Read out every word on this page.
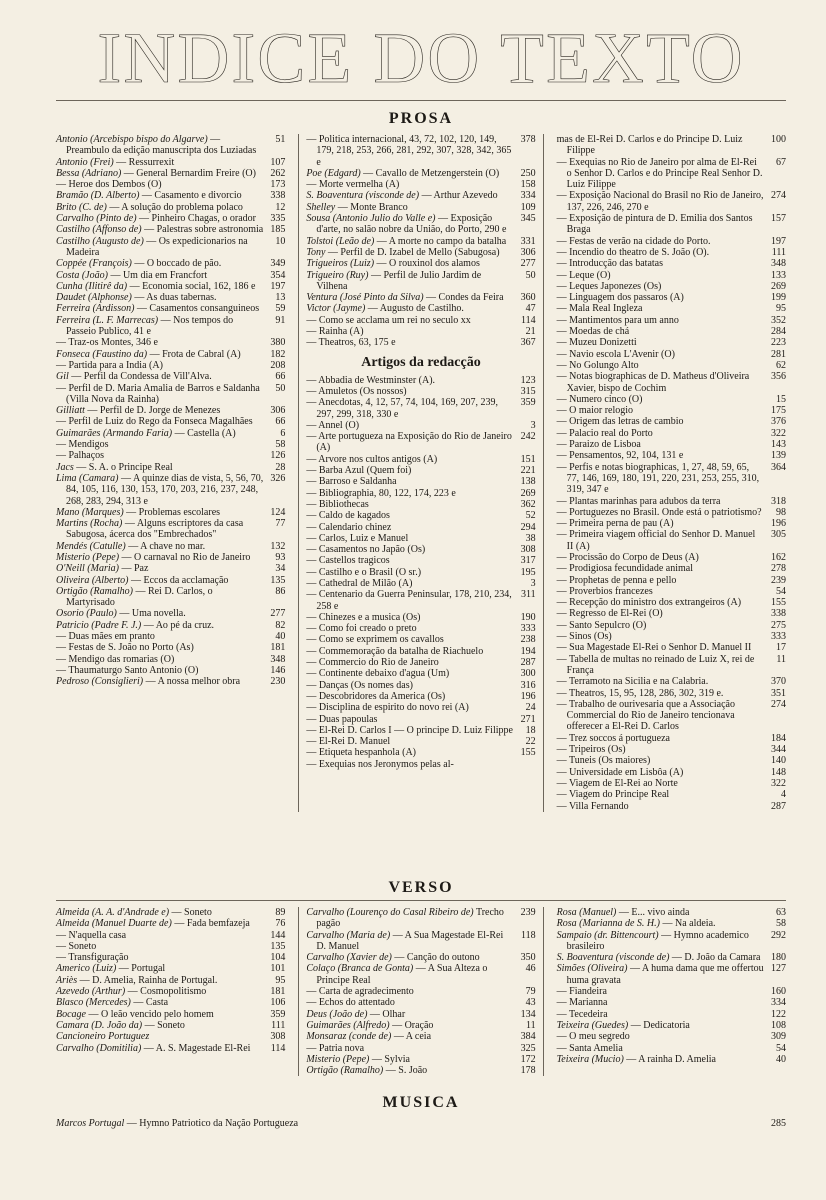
INDICE DO TEXTO
PROSA
Antonio (Arcebispo bispo do Algarve) — Preambulo da edição manuscripta dos Luziadas
51
Antonio (Frei) — Ressurrexit	107
Bessa (Adriano) — General Bernardim Freire (O)	262
— Heroe dos Dembos (O)	173
Bramão (D. Alberto) — Casamento e divorcio	338
Brito (C. de) — A solução do problema polaco	12
Carvalho (Pinto de) — Pinheiro Chagas, o orador	335
Castilho (Affonso de) — Palestras sobre astronomia 185
Castilho (Augusto de) — Os expedicionarios na Madeira
10
Coppée (François) — O boccado de pão.	349
Costa (João) — Um dia em Francfort	354
Cunha (Ilitirê da) — Economia social, 162, 186 e	197
Daudet (Alphonse) — As duas tabernas.	13
Ferreira (Ardisson) — Casamentos consanguineos	59
Ferreira (L. F. Marrecas) — Nos tempos do Passeio Publico, 41 e
91
— Traz-os Montes, 346 e	380
Fonseca (Faustino da) — Frota de Cabral (A)	182
— Partida para a India (A)	208
Gil — Perfil da Condessa de Vill'Alva.	66
— Perfil de D. Maria Amalia de Barros e Saldanha (Villa Nova da Rainha)
50
Gilliatt — Perfil de D. Jorge de Menezes	306
— Perfil de Luiz do Rego da Fonseca Magalhães	66
Guimarães (Armando Faria) — Castella (A)	6
— Mendigos	58
— Palhaços	126
Jacs — S. A. o Principe Real	28
Lima (Camara) — A quinze dias de vista, 5, 56, 70, 84, 105, 116, 130, 153, 170, 203, 216, 237, 248, 268, 283, 294, 313 e
326
Mano (Marques) — Problemas escolares	124
Martins (Rocha) — Alguns escriptores da casa Sabugosa, ácerca dos "Embrechados"
77
Mendés (Catulle) — A chave no mar.	132
Misterio (Pepe) — O carnaval no Rio de Janeiro	93
O'Neill (Maria) — Paz	34
Oliveira (Alberto) — Eccos da acclamação	135
Ortigão (Ramalho) — Rei D. Carlos, o Martyrisado
86
Osorio (Paulo) — Uma novella.	277
Patricio (Padre F. J.) — Ao pé da cruz.	82
— Duas mães em pranto	40
— Festas de S. João no Porto (As)	181
— Mendigo das romarias (O)	348
— Thaumaturgo Santo Antonio (O)	146
Pedroso (Consiglieri) — A nossa melhor obra	230
— Politica internacional, 43, 72, 102, 120, 149, 179, 218, 253, 266, 281, 292, 307, 328, 342, 365 e
378
Poe (Edgard) — Cavallo de Metzengerstein (O)	250
— Morte vermelha (A)	158
S. Boaventura (visconde de) — Arthur Azevedo	334
Shelley — Monte Branco	109
Sousa (Antonio Julio do Valle e) — Exposição d'arte, no salão nobre da União, do Porto, 290 e
345
Tolstoi (Leão de) — A morte no campo da batalha	331
Tony — Perfil de D. Izabel de Mello (Sabugosa)	306
Trigueiros (Luiz) — O rouxinol dos alamos	277
Trigueiro (Ruy) — Perfil de Julio Jardim de Vilhena
50
Ventura (José Pinto da Silva) — Condes da Feira	360
Victor (Jayme) — Augusto de Castilho.	47
— Como se acclama um rei no seculo xx	114
— Rainha (A)	21
— Theatros, 63, 175 e	367
Artigos da redacção
— Abbadia de Westminster (A).	123
— Amuletos (Os nossos)	315
— Anecdotas, 4, 12, 57, 74, 104, 169, 207, 239, 297, 299, 318, 330 e
359
— Annel (O)	3
— Arte portugueza na Exposição do Rio de Janeiro (A)
242
— Arvore nos cultos antigos (A)	151
— Barba Azul (Quem foi)	221
— Barroso e Saldanha	138
— Bibliographia, 80, 122, 174, 223 e	269
— Bibliothecas	362
— Caldo de kagados	52
— Calendario chinez	294
— Carlos, Luiz e Manuel	38
— Casamentos no Japão (Os)	308
— Castellos tragicos	317
— Castilho e o Brasil (O sr.)	195
— Cathedral de Milão (A)	3
— Centenario da Guerra Peninsular, 178, 210, 234, 258 e
311
— Chinezes e a musica (Os)	190
— Como foi creado o preto	333
— Como se exprimem os cavallos	238
— Commemoração da batalha de Riachuelo	194
— Commercio do Rio de Janeiro	287
— Continente debaixo d'agua (Um)	300
— Danças (Os nomes das)	316
— Descobridores da America (Os)	196
— Disciplina de espirito do novo rei (A)	24
— Duas papoulas	271
— El-Rei D. Carlos I — O principe D. Luiz Filippe	18
— El-Rei D. Manuel	22
— Etiqueta hespanhola (A)	155
— Exequias nos Jeronymos pelas al-
mas de El-Rei D. Carlos e do Principe D. Luiz Filippe
100
— Exequias no Rio de Janeiro por alma de El-Rei o Senhor D. Carlos e do Principe Real Senhor D. Luiz Filippe
67
— Exposição Nacional do Brasil no Rio de Janeiro, 137, 226, 246, 270 e
274
— Exposição de pintura de D. Emilia dos Santos Braga
157
— Festas de verão na cidade do Porto.	197
— Incendio do theatro de S. João (O).	111
— Introducção das batatas	348
— Leque (O)	133
— Leques Japonezes (Os)	269
— Linguagem dos passaros (A)	199
— Mala Real Ingleza	95
— Mantimentos para um anno	352
— Moedas de chá	284
— Muzeu Donizetti	223
— Navio escola L'Avenir (O)	281
— No Golungo Alto	62
— Notas biographicas de D. Matheus d'Oliveira Xavier, bispo de Cochim
356
— Numero cinco (O)	15
— O maior relogio	175
— Origem das letras de cambio	376
— Palacio real do Porto	322
— Paraizo de Lisboa	143
— Pensamentos, 92, 104, 131 e	139
— Perfis e notas biographicas, 1, 27, 48, 59, 65, 77, 146, 169, 180, 191, 220, 231, 253, 255, 310, 319, 347 e
364
— Plantas marinhas para adubos da terra	318
— Portuguezes no Brasil. Onde está o patriotismo?	98
— Primeira perna de pau (A)	196
— Primeira viagem official do Senhor D. Manuel II (A)
305
— Procissão do Corpo de Deus (A)	162
— Prodigiosa fecundidade animal	278
— Prophetas de penna e pello	239
— Proverbios francezes	54
— Recepção do ministro dos extrangeiros (A)	155
— Regresso de El-Rei (O)	338
— Santo Sepulcro (O)	275
— Sinos (Os)	333
— Sua Magestade El-Rei o Senhor D. Manuel II	17
— Tabella de multas no reinado de Luiz X, rei de França
11
— Terramoto na Sicilia e na Calabria.	370
— Theatros, 15, 95, 128, 286, 302, 319 e.	351
— Trabalho de ourivesaria que a Associação Commercial do Rio de Janeiro tencionava offerecer a El-Rei D. Carlos
274
— Trez soccos á portugueza	184
— Tripeiros (Os)	344
— Tuneis (Os maiores)	140
— Universidade em Lisbôa (A)	148
— Viagem de El-Rei ao Norte	322
— Viagem do Principe Real	4
— Villa Fernando	287
VERSO
Almeida (A. A. d'Andrade e) — Soneto	89
Almeida (Manuel Duarte de) — Fada bemfazeja	76
— N'aquella casa	144
— Soneto	135
— Transfiguração	104
Americo (Luiz) — Portugal	101
Ariès — D. Amelia, Rainha de Portugal.	95
Azevedo (Arthur) — Cosmopolitismo	181
Blasco (Mercedes) — Casta	106
Bocage — O leão vencido pelo homem	359
Camara (D. João da) — Soneto	111
Cancioneiro Portuguez	308
Carvalho (Domitilia) — A. S. Magestade El-Rei	114
Carvalho (Lourenço do Casal Ribeiro de) Trecho pagão
239
Carvalho (Maria de) — A Sua Magestade El-Rei D. Manuel
118
Carvalho (Xavier de) — Canção do outono	350
Colaço (Branca de Gonta) — A Sua Alteza o Principe Real
46
— Carta de agradecimento	79
— Echos do attentado	43
Deus (João de) — Olhar	134
Guimarães (Alfredo) — Oração	11
Monsaraz (conde de) — A ceia	384
— Patria nova	325
Misterio (Pepe) — Sylvia	172
Ortigão (Ramalho) — S. João	178
Rosa (Manuel) — E... vivo ainda	63
Rosa (Marianna de S. H.) — Na aldeia.	58
Sampaio (dr. Bittencourt) — Hymno academico brasileiro
292
S. Boaventura (visconde de) — D. João da Camara	180
Simões (Oliveira) — A huma dama que me offertou huma gravata
127
— Fiandeira	160
— Marianna	334
— Tecedeira	122
Teixeira (Guedes) — Dedicatoria	108
— O meu segredo	309
— Santa Amelia	54
Teixeira (Mucio) — A rainha D. Amelia	40
MUSICA
Marcos Portugal — Hymno Patriotico da Nação Portugueza	285
